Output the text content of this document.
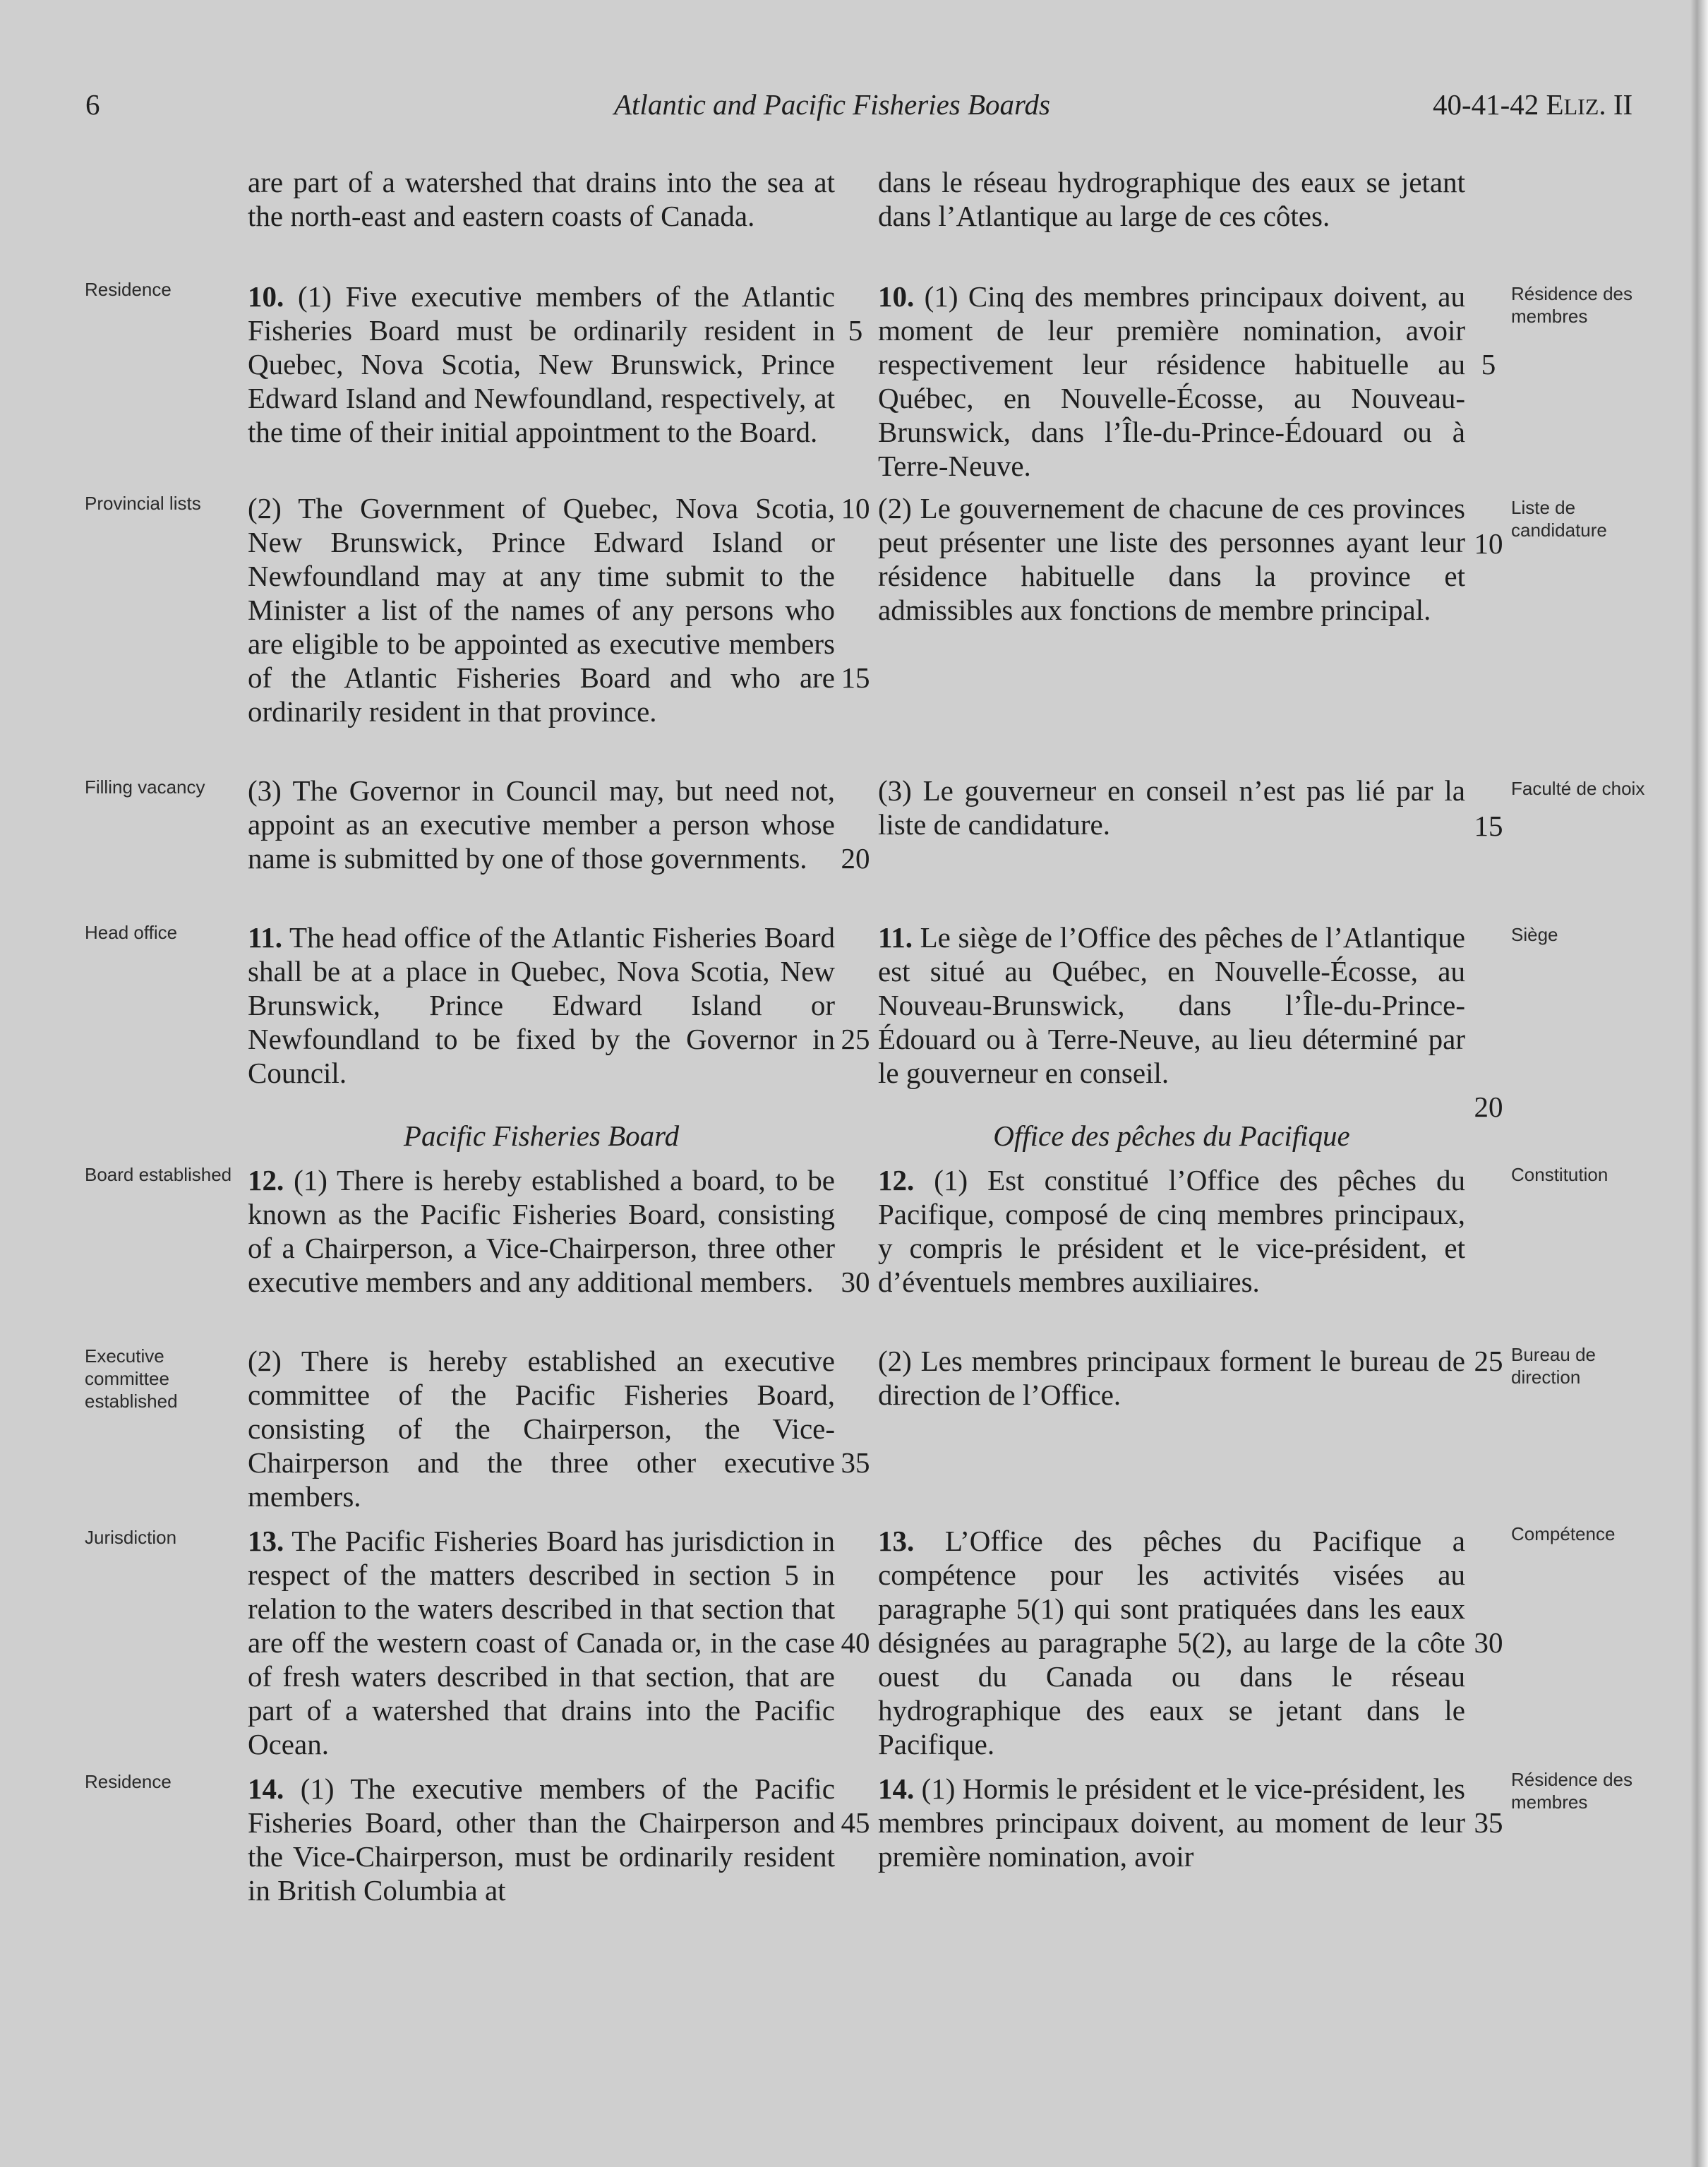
6	Atlantic and Pacific Fisheries Boards	40-41-42 ELIZ. II

are part of a watershed that drains into the sea at the north-east and eastern coasts of Canada.

10. (1) Five executive members of the Atlantic Fisheries Board must be ordinarily resident in Quebec, Nova Scotia, New Brunswick, Prince Edward Island and Newfoundland, respectively, at the time of their initial appointment to the Board.

(2) The Government of Quebec, Nova Scotia, New Brunswick, Prince Edward Island or Newfoundland may at any time submit to the Minister a list of the names of any persons who are eligible to be appointed as executive members of the Atlantic Fisheries Board and who are ordinarily resident in that province.

(3) The Governor in Council may, but need not, appoint as an executive member a person whose name is submitted by one of those governments.

11. The head office of the Atlantic Fisheries Board shall be at a place in Quebec, Nova Scotia, New Brunswick, Prince Edward Island or Newfoundland to be fixed by the Governor in Council.

Pacific Fisheries Board

12. (1) There is hereby established a board, to be known as the Pacific Fisheries Board, consisting of a Chairperson, a Vice-Chairperson, three other executive members and any additional members.

(2) There is hereby established an executive committee of the Pacific Fisheries Board, consisting of the Chairperson, the Vice-Chairperson and the three other executive members.

13. The Pacific Fisheries Board has jurisdiction in respect of the matters described in section 5 in relation to the waters described in that section that are off the western coast of Canada or, in the case of fresh waters described in that section, that are part of a watershed that drains into the Pacific Ocean.

14. (1) The executive members of the Pacific Fisheries Board, other than the Chairperson and the Vice-Chairperson, must be ordinarily resident in British Columbia at

dans le réseau hydrographique des eaux se jetant dans l’Atlantique au large de ces côtes.

10. (1) Cinq des membres principaux doivent, au moment de leur première nomination, avoir respectivement leur résidence habituelle au Québec, en Nouvelle-Écosse, au Nouveau-Brunswick, dans l’Île-du-Prince-Édouard ou à Terre-Neuve.

(2) Le gouvernement de chacune de ces provinces peut présenter une liste des personnes ayant leur résidence habituelle dans la province et admissibles aux fonctions de membre principal.

(3) Le gouverneur en conseil n’est pas lié par la liste de candidature.

11. Le siège de l’Office des pêches de l’Atlantique est situé au Québec, en Nouvelle-Écosse, au Nouveau-Brunswick, dans l’Île-du-Prince-Édouard ou à Terre-Neuve, au lieu déterminé par le gouverneur en conseil.

Office des pêches du Pacifique

12. (1) Est constitué l’Office des pêches du Pacifique, composé de cinq membres principaux, y compris le président et le vice-président, et d’éventuels membres auxiliaires.

(2) Les membres principaux forment le bureau de direction de l’Office.

13. L’Office des pêches du Pacifique a compétence pour les activités visées au paragraphe 5(1) qui sont pratiquées dans les eaux désignées au paragraphe 5(2), au large de la côte ouest du Canada ou dans le réseau hydrographique des eaux se jetant dans le Pacifique.

14. (1) Hormis le président et le vice-président, les membres principaux doivent, au moment de leur première nomination, avoir

Residence
Provincial lists
Filling vacancy
Head office
Board established
Executive committee established
Jurisdiction
Residence
Résidence des membres
Liste de candidature
Faculté de choix
Siège
Constitution
Bureau de direction
Compétence
Résidence des membres
5
10
15
20
25
30
35
40
45
5
10
15
20
25
30
35
